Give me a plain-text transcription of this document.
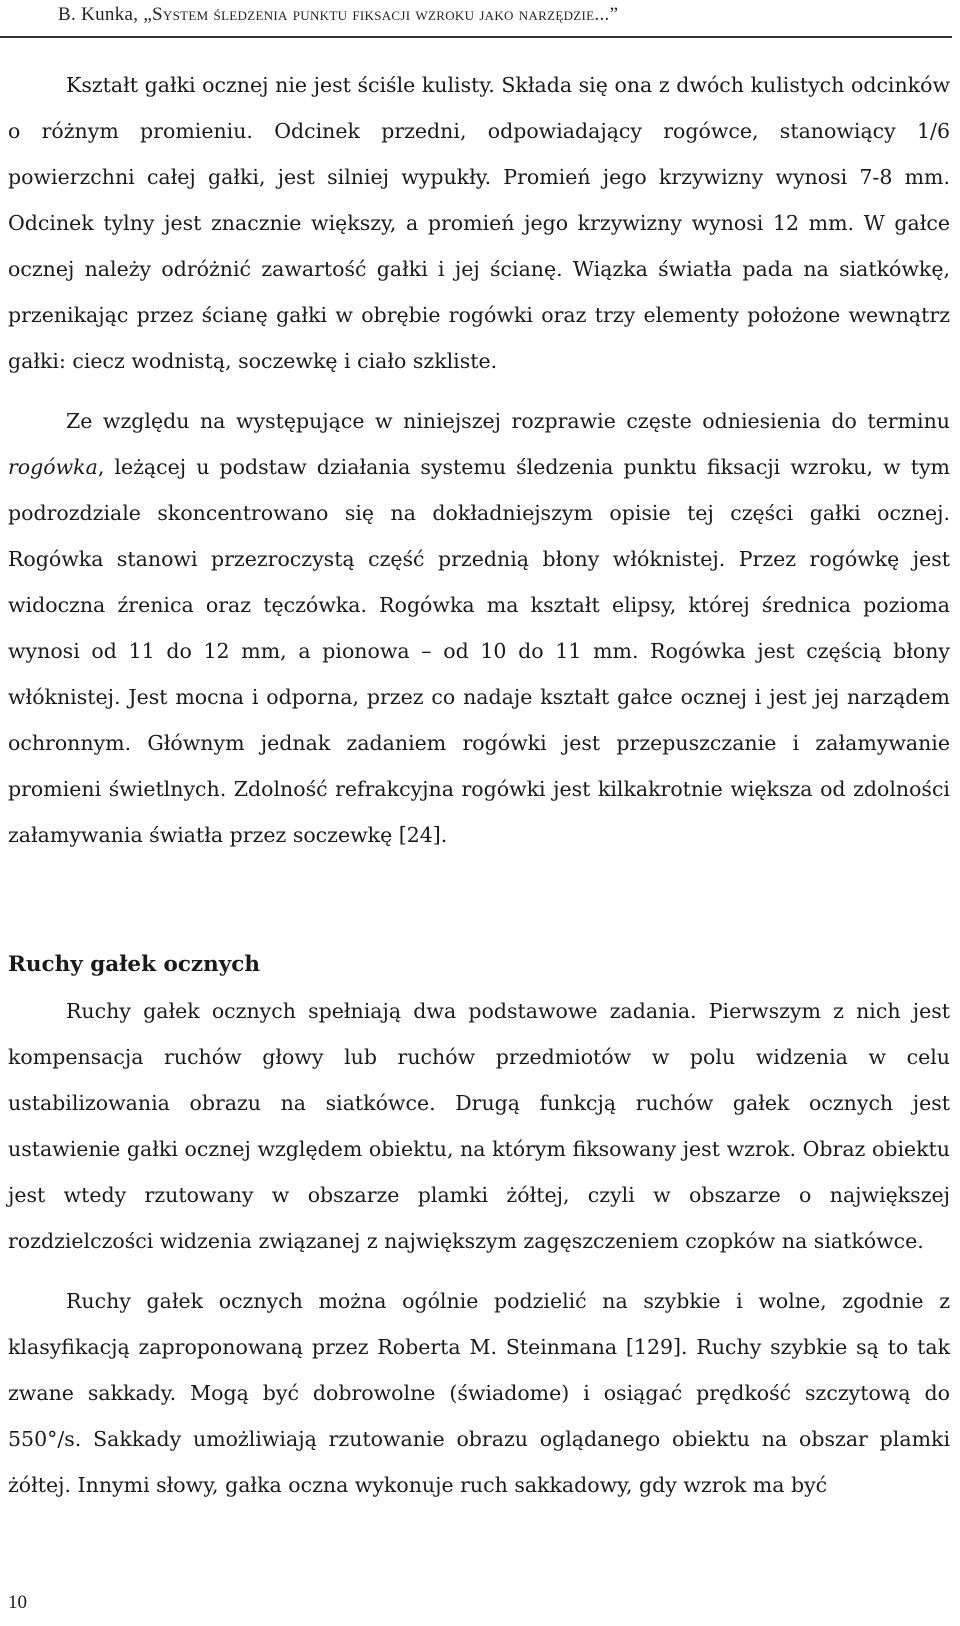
B. Kunka, „System śledzenia punktu fiksacji wzroku jako narzędzie...”

Kształt gałki ocznej nie jest ściśle kulisty. Składa się ona z dwóch kulistych odcinków o różnym promieniu. Odcinek przedni, odpowiadający rogówce, stanowiący 1/6 powierzchni całej gałki, jest silniej wypukły. Promień jego krzywizny wynosi 7-8 mm. Odcinek tylny jest znacznie większy, a promień jego krzywizny wynosi 12 mm. W gałce ocznej należy odróżnić zawartość gałki i jej ścianę. Wiązka światła pada na siatkówkę, przenikając przez ścianę gałki w obrębie rogówki oraz trzy elementy położone wewnątrz gałki: ciecz wodnistą, soczewkę i ciało szkliste.

Ze względu na występujące w niniejszej rozprawie częste odniesienia do terminu rogówka, leżącej u podstaw działania systemu śledzenia punktu fiksacji wzroku, w tym podrozdziale skoncentrowano się na dokładniejszym opisie tej części gałki ocznej. Rogówka stanowi przezroczystą część przednią błony włóknistej. Przez rogówkę jest widoczna źrenica oraz tęczówka. Rogówka ma kształt elipsy, której średnica pozioma wynosi od 11 do 12 mm, a pionowa – od 10 do 11 mm. Rogówka jest częścią błony włóknistej. Jest mocna i odporna, przez co nadaje kształt gałce ocznej i jest jej narządem ochronnym. Głównym jednak zadaniem rogówki jest przepuszczanie i załamywanie promieni świetlnych. Zdolność refrakcyjna rogówki jest kilkakrotnie większa od zdolności załamywania światła przez soczewkę [24].

Ruchy gałek ocznych

Ruchy gałek ocznych spełniają dwa podstawowe zadania. Pierwszym z nich jest kompensacja ruchów głowy lub ruchów przedmiotów w polu widzenia w celu ustabilizowania obrazu na siatkówce. Drugą funkcją ruchów gałek ocznych jest ustawienie gałki ocznej względem obiektu, na którym fiksowany jest wzrok. Obraz obiektu jest wtedy rzutowany w obszarze plamki żółtej, czyli w obszarze o największej rozdzielczości widzenia związanej z największym zagęszczeniem czopków na siatkówce.

Ruchy gałek ocznych można ogólnie podzielić na szybkie i wolne, zgodnie z klasyfikacją zaproponowaną przez Roberta M. Steinmana [129]. Ruchy szybkie są to tak zwane sakkady. Mogą być dobrowolne (świadome) i osiągać prędkość szczytową do 550°/s. Sakkady umożliwiają rzutowanie obrazu oglądanego obiektu na obszar plamki żółtej. Innymi słowy, gałka oczna wykonuje ruch sakkadowy, gdy wzrok ma być

10
